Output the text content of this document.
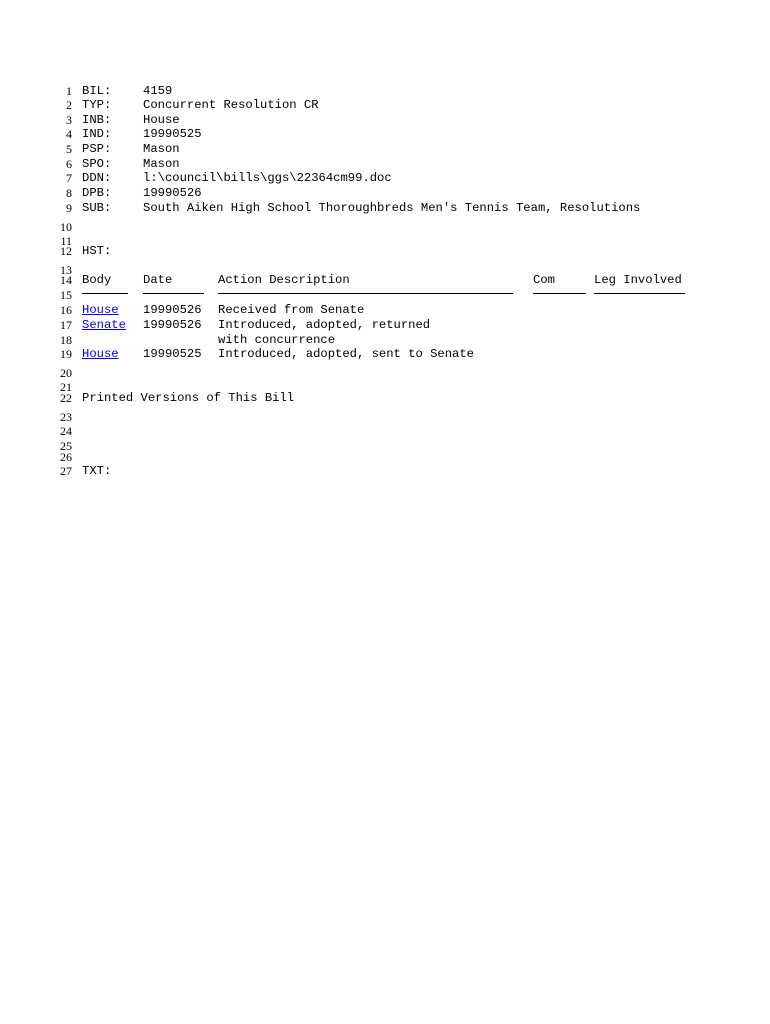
1 BIL:	4159
2 TYP:	Concurrent Resolution CR
3 INB:	House
4 IND:	19990525
5 PSP:	Mason
6 SPO:	Mason
7 DDN:	l:\council\bills\ggs\22364cm99.doc
8 DPB:	19990526
9 SUB:	South Aiken High School Thoroughbreds Men's Tennis Team, Resolutions
10
11
12 HST:
13
14 Body	Date	Action Description	Com	Leg Involved
15
16 House 19990526 Received from Senate
17 Senate 19990526 Introduced, adopted, returned
18	with concurrence
19 House 19990525 Introduced, adopted, sent to Senate
20
21
22 Printed Versions of This Bill
23
24
25
26
27 TXT:
